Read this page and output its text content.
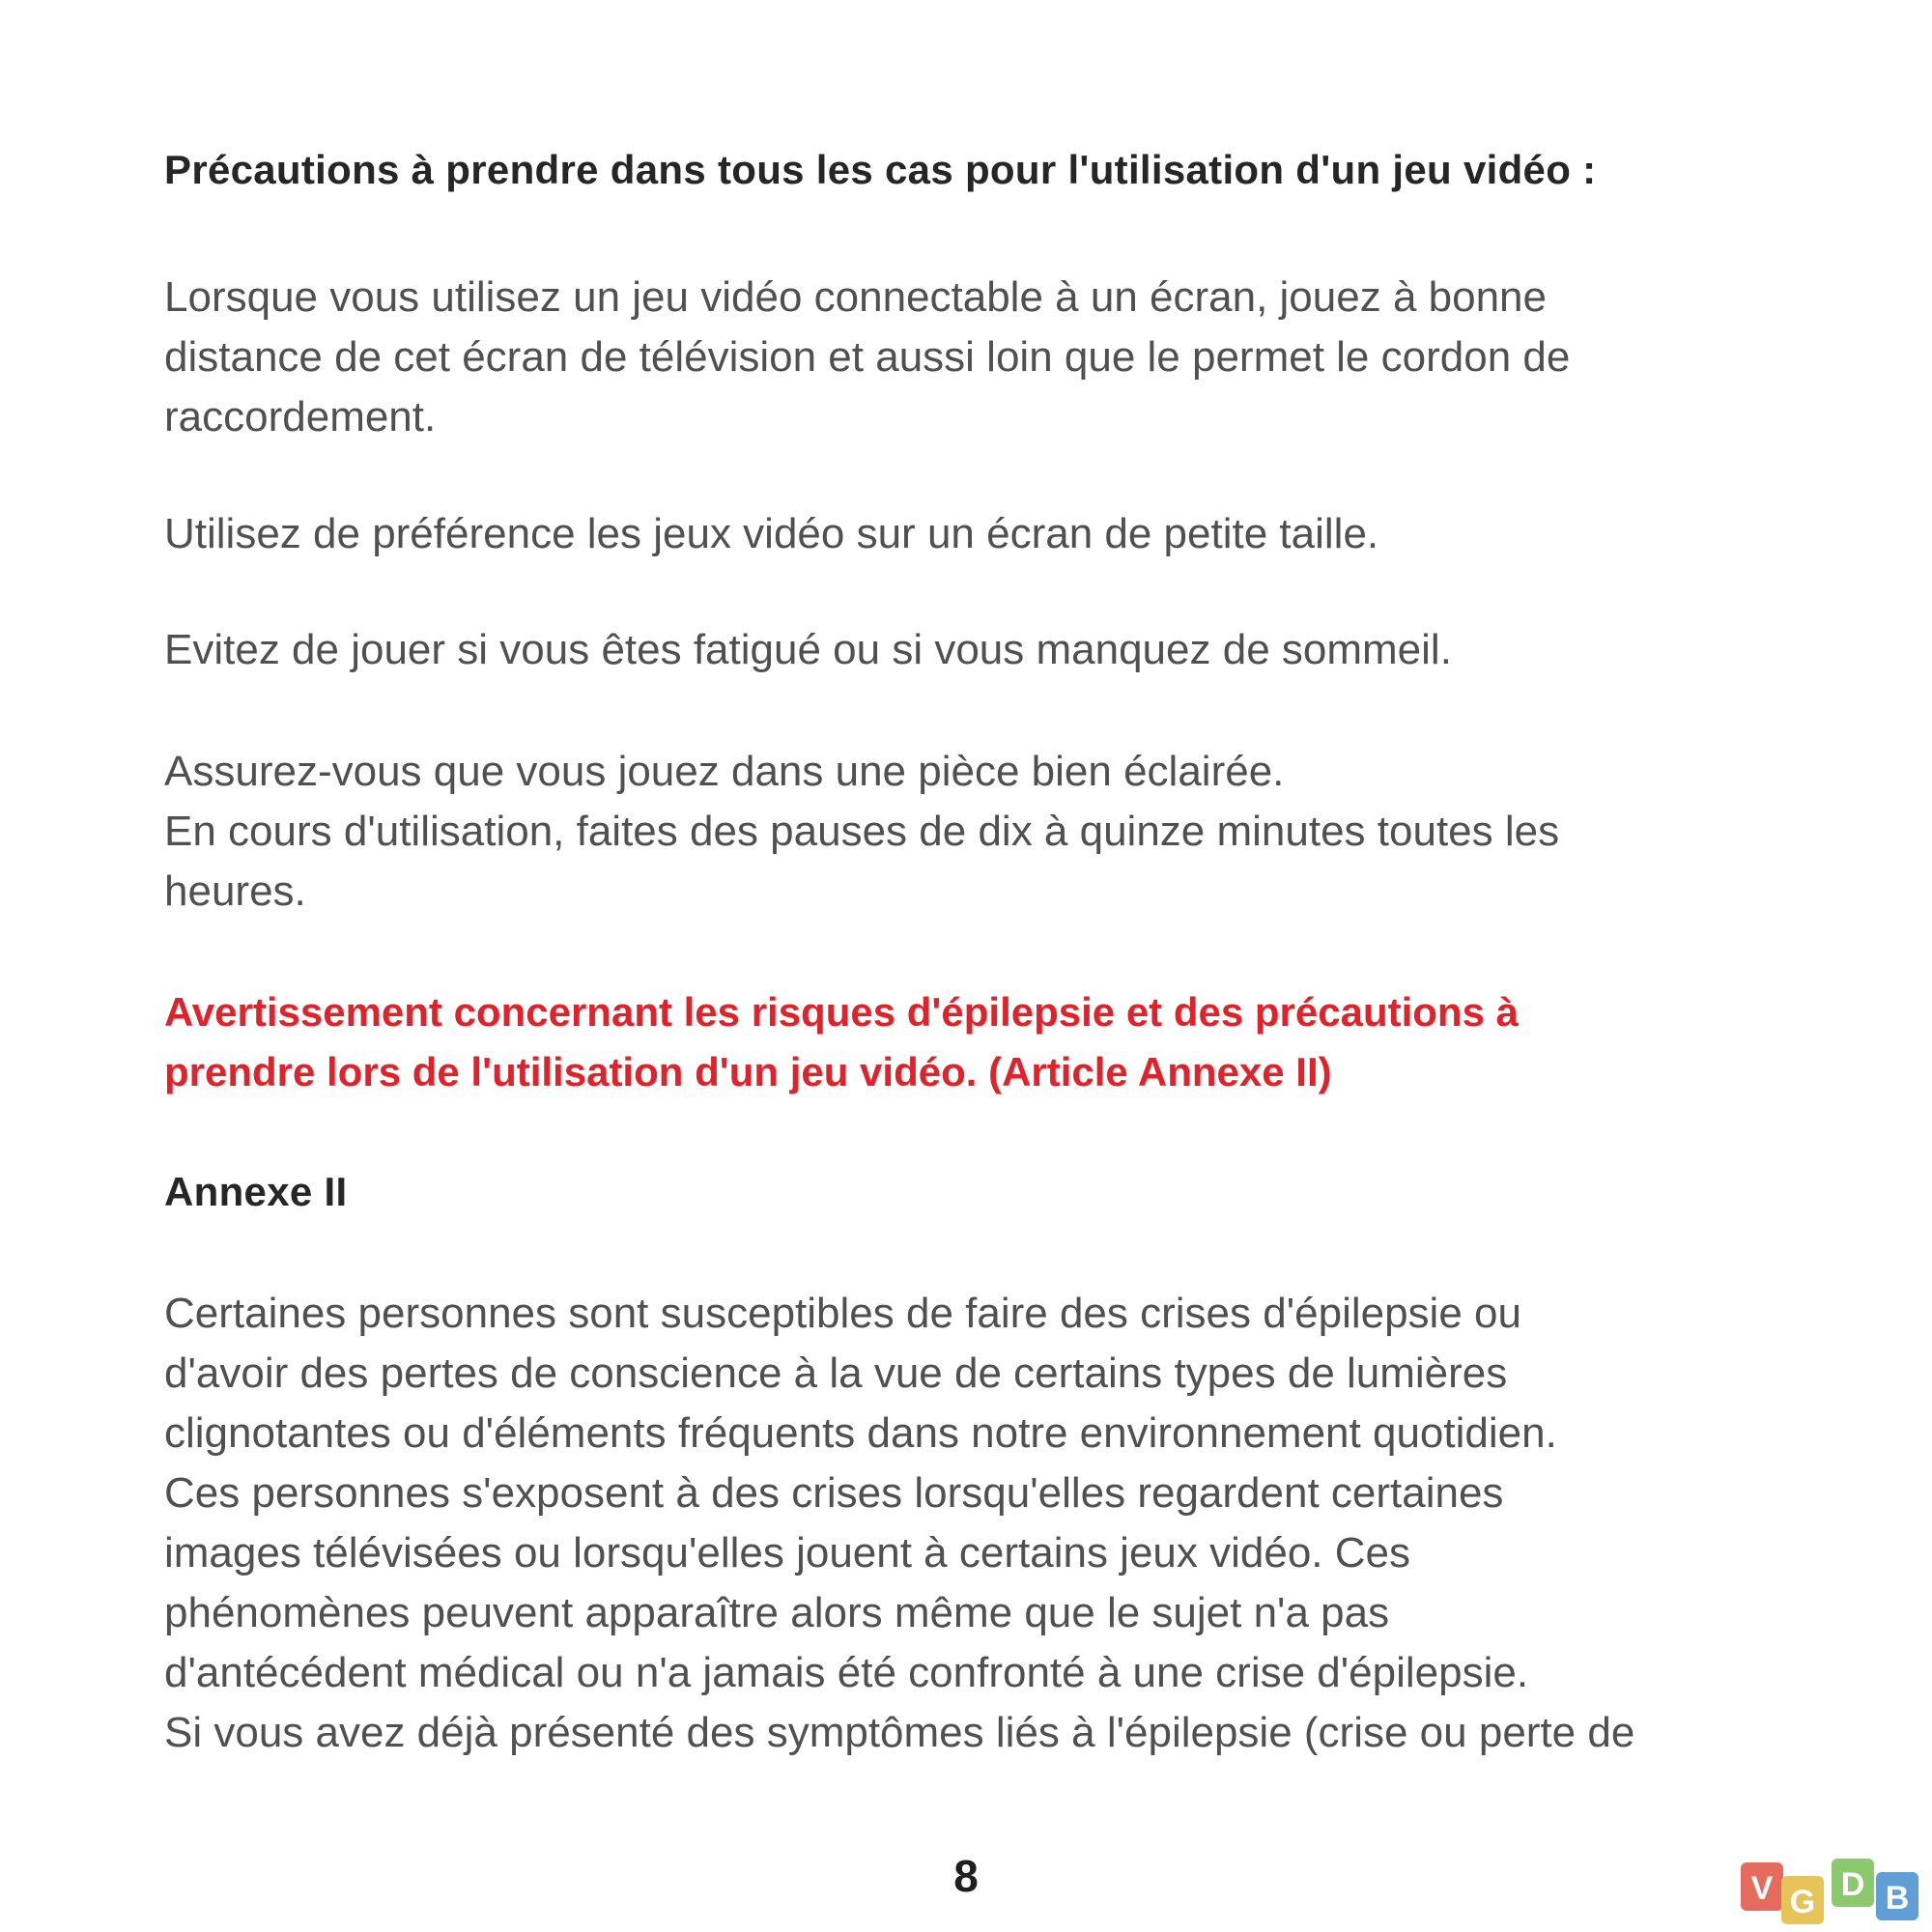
Précautions à prendre dans tous les cas pour l'utilisation d'un jeu vidéo :
Lorsque vous utilisez un jeu vidéo connectable à un écran, jouez à bonne
distance de cet écran de télévision et aussi loin que le permet le cordon de
raccordement.
Utilisez de préférence les jeux vidéo sur un écran de petite taille.
Evitez de jouer si vous êtes fatigué ou si vous manquez de sommeil.
Assurez-vous que vous jouez dans une pièce bien éclairée.
En cours d'utilisation, faites des pauses de dix à quinze minutes toutes les
heures.
Avertissement concernant les risques d'épilepsie et des précautions à
prendre lors de l'utilisation d'un jeu vidéo. (Article Annexe II)
Annexe II
Certaines personnes sont susceptibles de faire des crises d'épilepsie ou
d'avoir des pertes de conscience à la vue de certains types de lumières
clignotantes ou d'éléments fréquents dans notre environnement quotidien.
Ces personnes s'exposent à des crises lorsqu'elles regardent certaines
images télévisées ou lorsqu'elles jouent à certains jeux vidéo. Ces
phénomènes peuvent apparaître alors même que le sujet n'a pas
d'antécédent médical ou n'a jamais été confronté à une crise d'épilepsie.
Si vous avez déjà présenté des symptômes liés à l'épilepsie (crise ou perte de
8	V G D B
